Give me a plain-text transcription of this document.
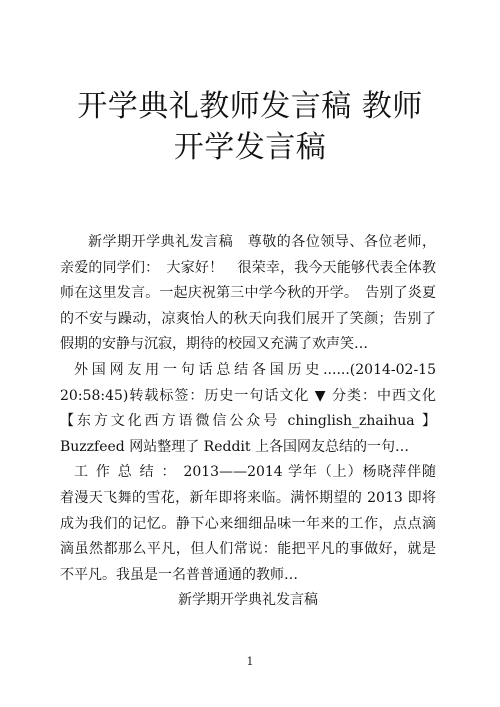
开学典礼教师发言稿 教师
开学发言稿

新学期开学典礼发言稿　尊敬的各位领导、各位老师，亲爱的同学们：　大家好！　很荣幸，我今天能够代表全体教师在这里发言。一起庆祝第三中学今秋的开学。　告别了炎夏的不安与躁动，凉爽怡人的秋天向我们展开了笑颜；告别了假期的安静与沉寂，期待的校园又充满了欢声笑…

外国网友用一句话总结各国历史......(2014-02-15 20:58:45)转载标签：历史一句话文化 ▼ 分类：中西文化 【东方文化西方语微信公众号 chinglish_zhaihua 】 Buzzfeed 网站整理了 Reddit 上各国网友总结的一句…

工作总结：2013——2014 学年（上）杨晓萍伴随着漫天飞舞的雪花，新年即将来临。满怀期望的 2013 即将成为我们的记忆。静下心来细细品味一年来的工作，点点滴滴虽然都那么平凡，但人们常说：能把平凡的事做好，就是不平凡。我虽是一名普普通通的教师…

新学期开学典礼发言稿

1
